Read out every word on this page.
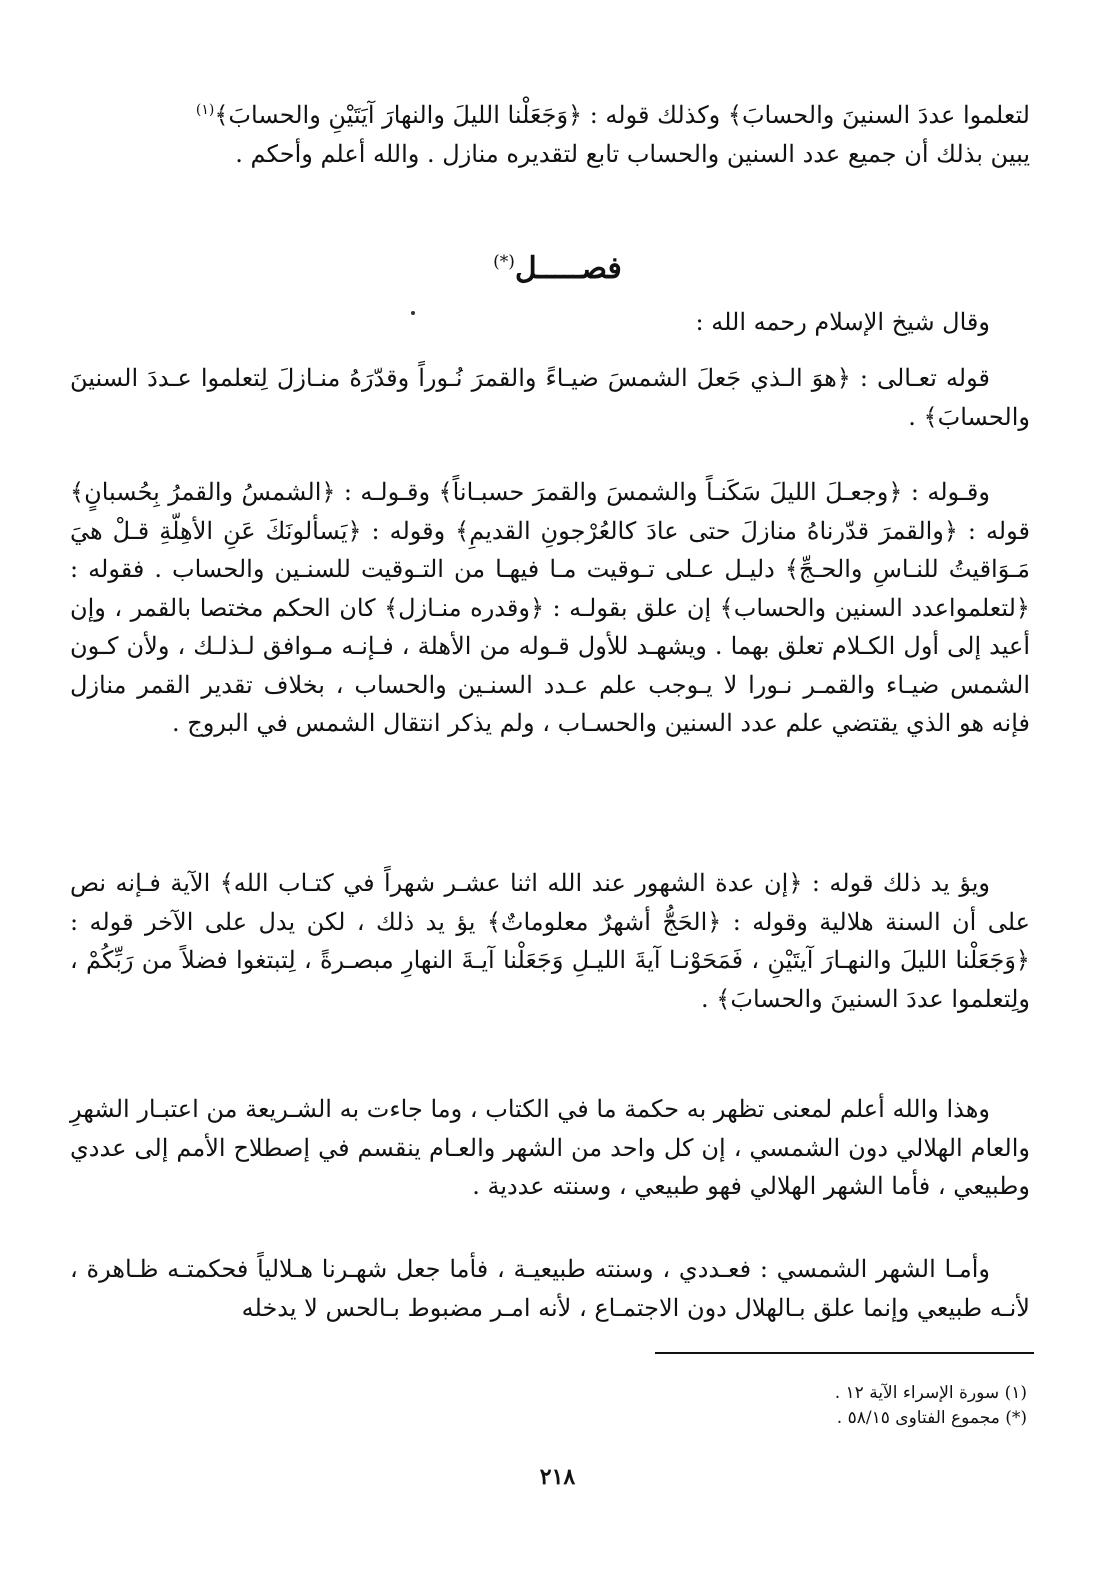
لتعلموا عددَ السنينَ والحسابَ﴾ وكذلك قوله : ﴿وَجَعَلْنا الليلَ والنهارَ آيَتَيْنِ والحسابَ﴾$^{(١)}$

يبين بذلك أن جميع عدد السنين والحساب تابع لتقديره منازل . والله أعلم وأحكم .

فصـــــل(*)

وقال شيخ الإسلام رحمه الله :

قوله تعـالى : ﴿هوَ الـذي جَعلَ الشمسَ ضيـاءً والقمرَ نُـوراً وقدّرَهُ منـازلَ لِتعلموا عـددَ السنينَ والحسابَ﴾ .

وقـوله : ﴿وجعـلَ الليلَ سَكَنـاً والشمسَ والقمرَ حسبـاناً﴾ وقـولـه : ﴿الشمسُ والقمرُ بِحُسبانٍ﴾ قوله : ﴿والقمرَ قدّرناهُ منازلَ حتى عادَ كالعُرْجونِ القديمِ﴾ وقوله : ﴿يَسألونَكَ عَنِ الأهِلّةِ قـلْ هيَ مَـوَاقيتُ للنـاسِ والحـجِّ﴾ دليـل عـلى تـوقيت مـا فيهـا من التـوقيت للسنـين والحساب . فقوله : ﴿لتعلمواعدد السنين والحساب﴾ إن علق بقولـه : ﴿وقدره منـازل﴾ كان الحكم مختصا بالقمر ، وإن أعيد إلى أول الكـلام تعلق بهما . ويشهـد للأول قـوله من الأهلة ، فـإنـه مـوافق لـذلـك ، ولأن كـون الشمس ضيـاء والقمـر نـورا لا يـوجب علم عـدد السنـين والحساب ، بخلاف تقدير القمر منازل فإنه هو الذي يقتضي علم عدد السنين والحسـاب ، ولم يذكر انتقال الشمس في البروج .

ويؤ يد ذلك قوله : ﴿إن عدة الشهور عند الله اثنا عشـر شهراً في كتـاب الله﴾ الآية فـإنه نص على أن السنة هلالية وقوله : ﴿الحَجُّ أشهرٌ معلوماتٌ﴾ يؤ يد ذلك ، لكن يدل على الآخر قوله : ﴿وَجَعَلْنا الليلَ والنهـارَ آيتَيْنِ ، فَمَحَوْنـا آيةَ الليـلِ وَجَعَلْنا آيـةَ النهارِ مبصـرةً ، لِتبتغوا فضلاً من رَبِّكُمْ ، ولِتعلموا عددَ السنينَ والحسابَ﴾ .

وهذا والله أعلم لمعنى تظهر به حكمة ما في الكتاب ، وما جاءت به الشـريعة من اعتبـار الشهرِ والعام الهلالي دون الشمسي ، إن كل واحد من الشهر والعـام ينقسم في إصطلاح الأمم إلى عددي وطبيعي ، فأما الشهر الهلالي فهو طبيعي ، وسنته عددية .

وأمـا الشهر الشمسي : فعـددي ، وسنته طبيعيـة ، فأما جعل شهـرنا هـلالياً فحكمتـه ظـاهرة ، لأنـه طبيعي وإنما علق بـالهلال دون الاجتمـاع ، لأنه امـر مضبوط بـالحس لا يدخله

(١) سورة الإسراء الآية ١٢ .
(*) مجموع الفتاوى ٥٨/١٥ .
٢١٨
